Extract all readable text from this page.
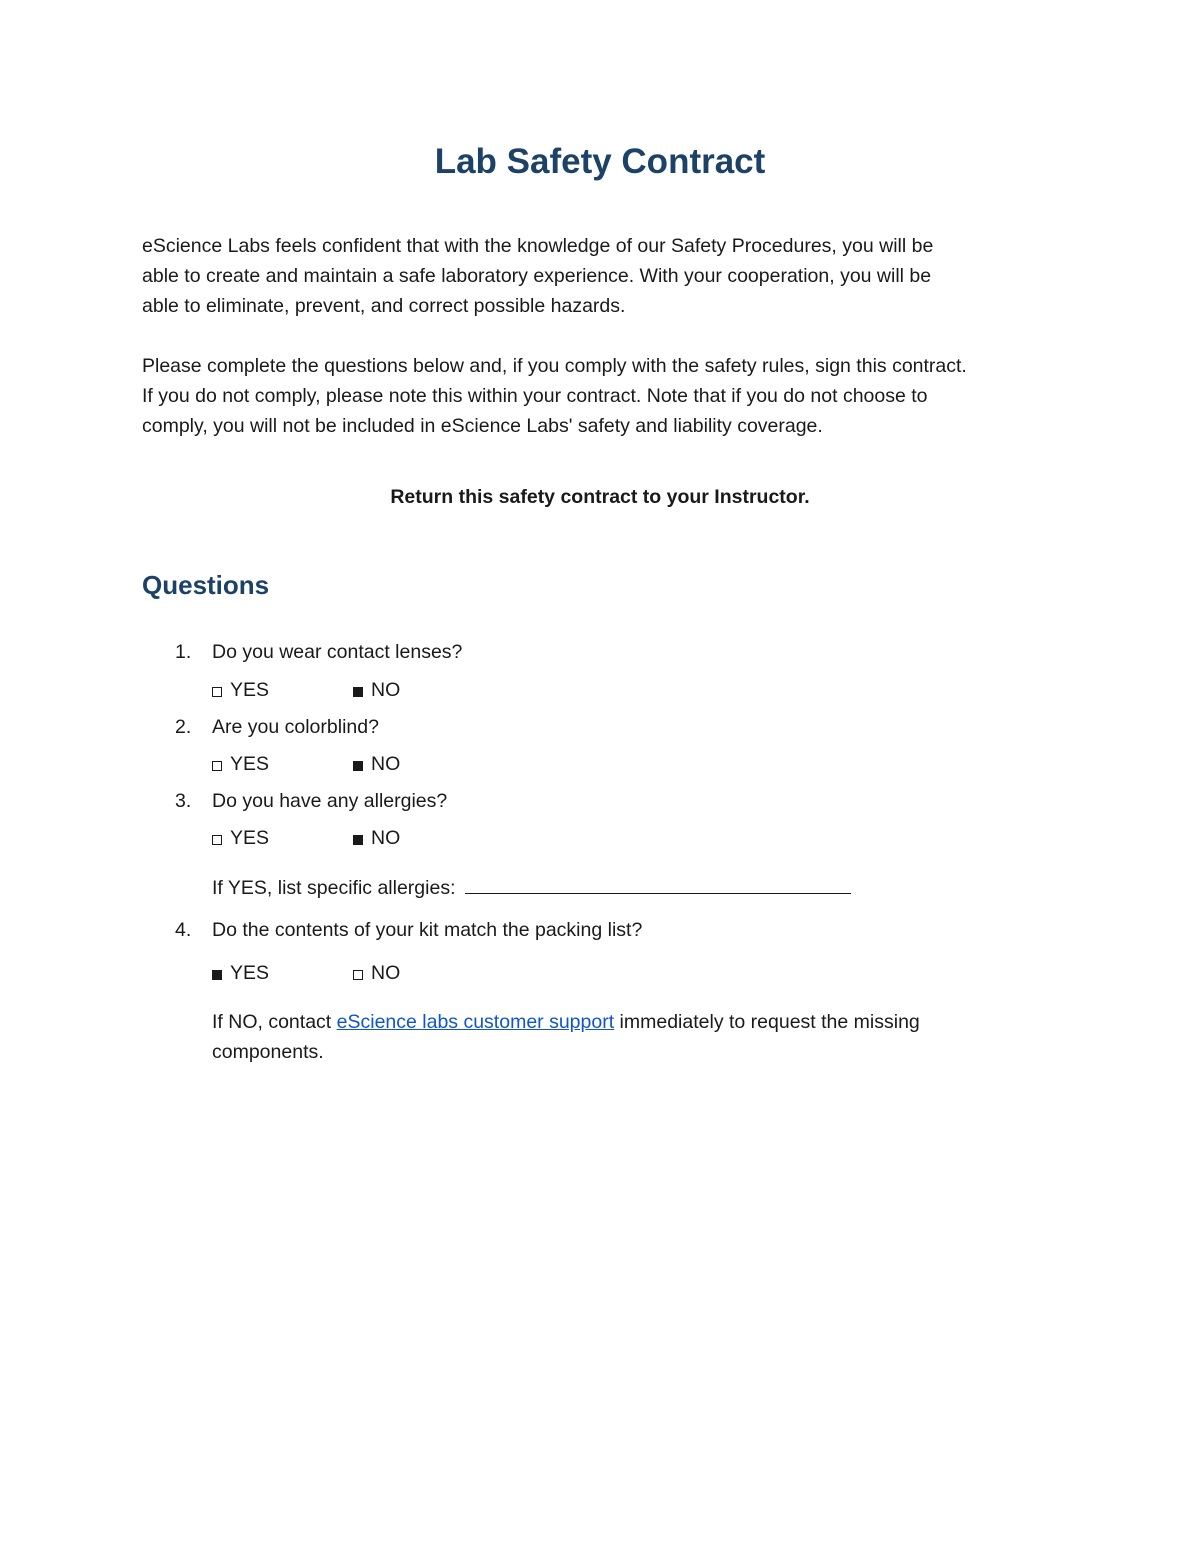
Lab Safety Contract

eScience Labs feels confident that with the knowledge of our Safety Procedures, you will be

able to create and maintain a safe laboratory experience. With your cooperation, you will be

able to eliminate, prevent, and correct possible hazards.

Please complete the questions below and, if you comply with the safety rules, sign this contract.

If you do not comply, please note this within your contract. Note that if you do not choose to

comply, you will not be included in eScience Labs' safety and liability coverage.

Return this safety contract to your Instructor.

Questions
1.	Do you wear contact lenses?
YES	NO
2.	Are you colorblind?
YES	NO
3.	Do you have any allergies?
YES	NO
If YES, list specific allergies:
4.	Do the contents of your kit match the packing list?
YES	NO
If NO, contact eScience labs customer support immediately to request the missing
components.
